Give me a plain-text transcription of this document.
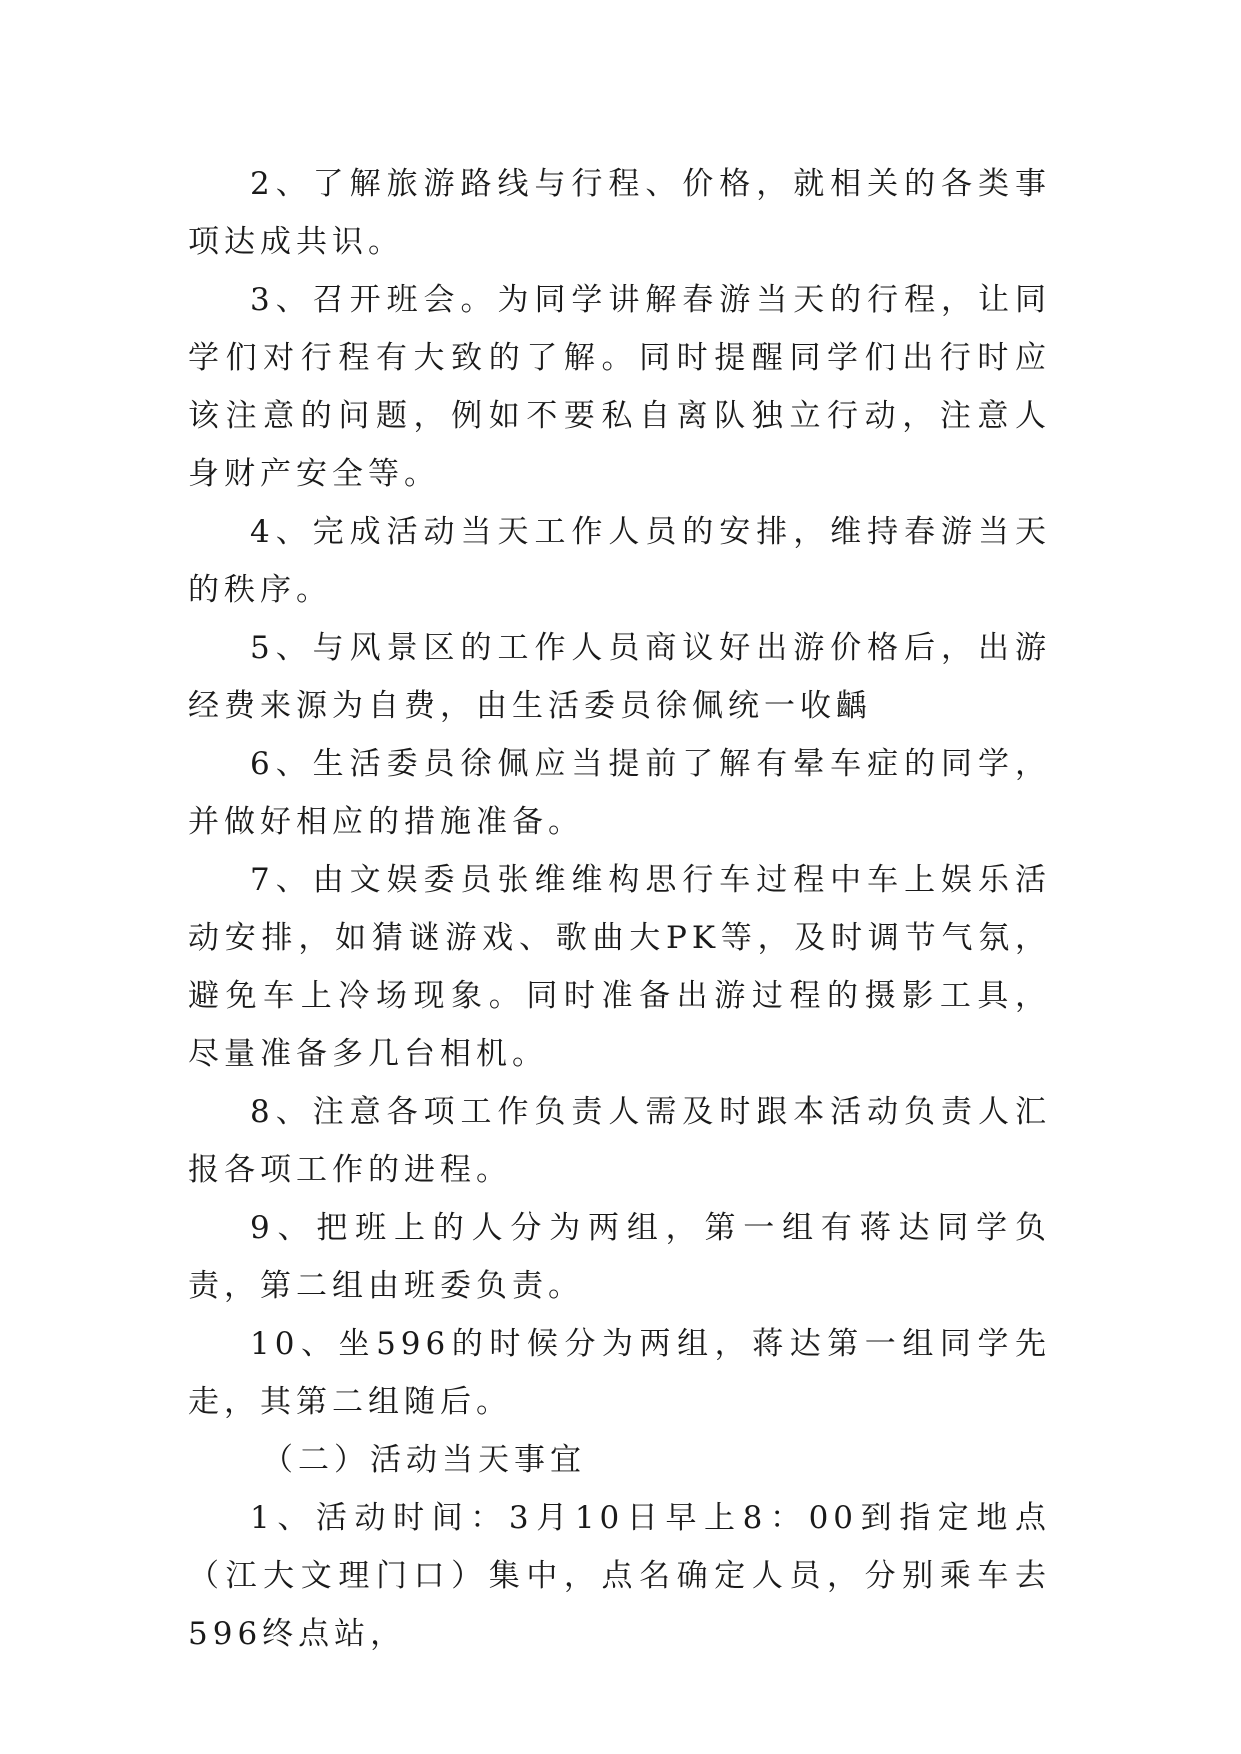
2、了解旅游路线与行程、价格，就相关的各类事项达成共识。

3、召开班会。为同学讲解春游当天的行程，让同学们对行程有大致的了解。同时提醒同学们出行时应该注意的问题，例如不要私自离队独立行动，注意人身财产安全等。

4、完成活动当天工作人员的安排，维持春游当天的秩序。

5、与风景区的工作人员商议好出游价格后，出游经费来源为自费，由生活委员徐佩统一收齲

6、生活委员徐佩应当提前了解有晕车症的同学，并做好相应的措施准备。

7、由文娱委员张维维构思行车过程中车上娱乐活动安排，如猜谜游戏、歌曲大PK等，及时调节气氛，避免车上冷场现象。同时准备出游过程的摄影工具，尽量准备多几台相机。

8、注意各项工作负责人需及时跟本活动负责人汇报各项工作的进程。

9、把班上的人分为两组，第一组有蒋达同学负责，第二组由班委负责。

10、坐596的时候分为两组，蒋达第一组同学先走，其第二组随后。

（二）活动当天事宜

1、活动时间：3月10日早上8：00到指定地点（江大文理门口）集中，点名确定人员，分别乘车去596终点站，
